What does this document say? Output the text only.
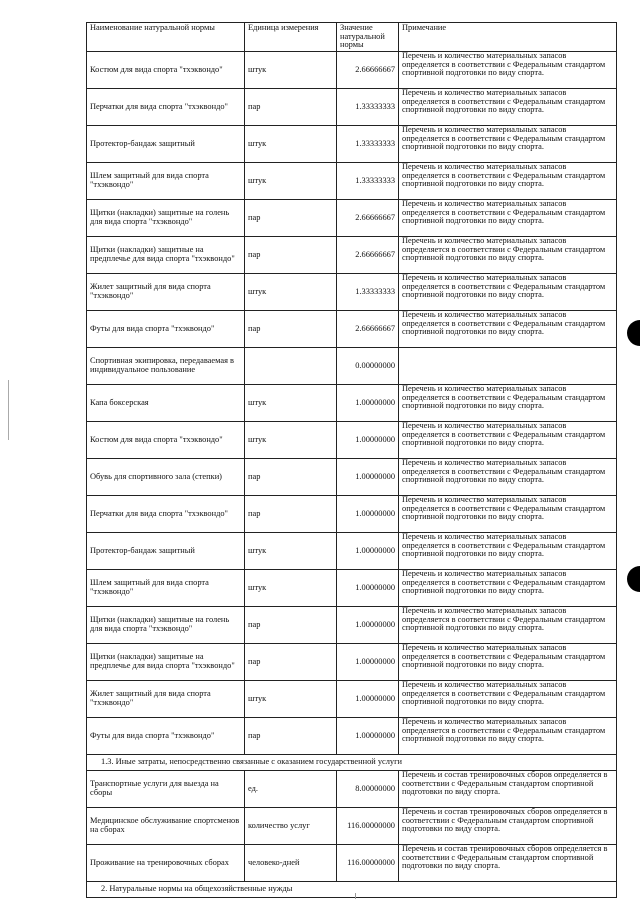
Наименование натуральной нормы	Единица измерения	Значение натуральной нормы	Примечание
Костюм для вида спорта "тхэквондо"	штук	2.66666667	Перечень и количество материальных запасов определяется в соответствии с Федеральным стандартом спортивной подготовки по виду спорта.
Перчатки для вида спорта "тхэквондо"	пар	1.33333333	Перечень и количество материальных запасов определяется в соответствии с Федеральным стандартом спортивной подготовки по виду спорта.
Протектор-бандаж защитный	штук	1.33333333	Перечень и количество материальных запасов определяется в соответствии с Федеральным стандартом спортивной подготовки по виду спорта.
Шлем защитный для вида спорта "тхэквондо"	штук	1.33333333	Перечень и количество материальных запасов определяется в соответствии с Федеральным стандартом спортивной подготовки по виду спорта.
Щитки (накладки) защитные на голень для вида спорта "тхэквондо"	пар	2.66666667	Перечень и количество материальных запасов определяется в соответствии с Федеральным стандартом спортивной подготовки по виду спорта.
Щитки (накладки) защитные на предплечье для вида спорта "тхэквондо"	пар	2.66666667	Перечень и количество материальных запасов определяется в соответствии с Федеральным стандартом спортивной подготовки по виду спорта.
Жилет защитный для вида спорта "тхэквондо"	штук	1.33333333	Перечень и количество материальных запасов определяется в соответствии с Федеральным стандартом спортивной подготовки по виду спорта.
Футы для вида спорта "тхэквондо"	пар	2.66666667	Перечень и количество материальных запасов определяется в соответствии с Федеральным стандартом спортивной подготовки по виду спорта.
Спортивная экипировка, передаваемая в индивидуальное пользование		0.00000000	
Капа боксерская	штук	1.00000000	Перечень и количество материальных запасов определяется в соответствии с Федеральным стандартом спортивной подготовки по виду спорта.
Костюм для вида спорта "тхэквондо"	штук	1.00000000	Перечень и количество материальных запасов определяется в соответствии с Федеральным стандартом спортивной подготовки по виду спорта.
Обувь для спортивного зала (степки)	пар	1.00000000	Перечень и количество материальных запасов определяется в соответствии с Федеральным стандартом спортивной подготовки по виду спорта.
Перчатки для вида спорта "тхэквондо"	пар	1.00000000	Перечень и количество материальных запасов определяется в соответствии с Федеральным стандартом спортивной подготовки по виду спорта.
Протектор-бандаж защитный	штук	1.00000000	Перечень и количество материальных запасов определяется в соответствии с Федеральным стандартом спортивной подготовки по виду спорта.
Шлем защитный для вида спорта "тхэквондо"	штук	1.00000000	Перечень и количество материальных запасов определяется в соответствии с Федеральным стандартом спортивной подготовки по виду спорта.
Щитки (накладки) защитные на голень для вида спорта "тхэквондо"	пар	1.00000000	Перечень и количество материальных запасов определяется в соответствии с Федеральным стандартом спортивной подготовки по виду спорта.
Щитки (накладки) защитные на предплечье для вида спорта "тхэквондо"	пар	1.00000000	Перечень и количество материальных запасов определяется в соответствии с Федеральным стандартом спортивной подготовки по виду спорта.
Жилет защитный для вида спорта "тхэквондо"	штук	1.00000000	Перечень и количество материальных запасов определяется в соответствии с Федеральным стандартом спортивной подготовки по виду спорта.
Футы для вида спорта "тхэквондо"	пар	1.00000000	Перечень и количество материальных запасов определяется в соответствии с Федеральным стандартом спортивной подготовки по виду спорта.
1.3. Иные затраты, непосредственно связанные с оказанием государственной услуги			
Транспортные услуги для выезда на сборы	ед.	8.00000000	Перечень и состав тренировочных сборов определяется в соответствии с Федеральным стандартом спортивной подготовки по виду спорта.
Медицинское обслуживание спортсменов на сборах	количество услуг	116.00000000	Перечень и состав тренировочных сборов определяется в соответствии с Федеральным стандартом спортивной подготовки по виду спорта.
Проживание на тренировочных сборах	человеко-дней	116.00000000	Перечень и состав тренировочных сборов определяется в соответствии с Федеральным стандартом спортивной подготовки по виду спорта.
2. Натуральные нормы на общехозяйственные нужды			
